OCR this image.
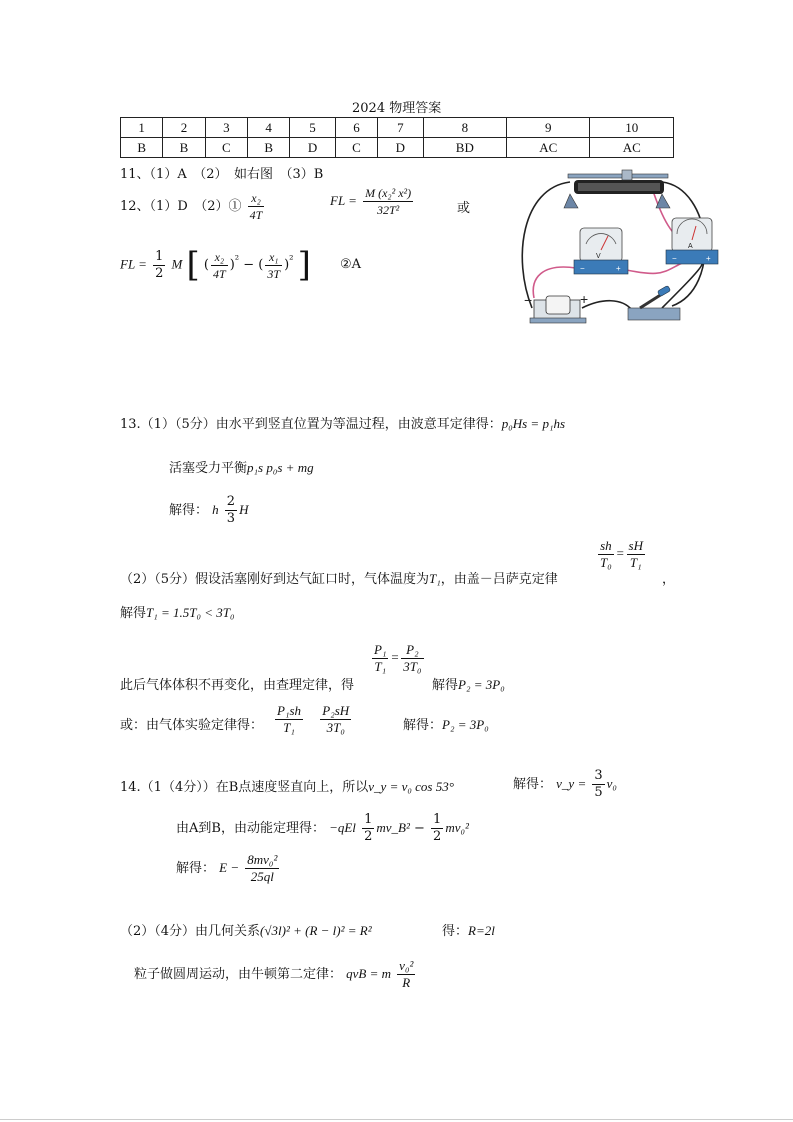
2024 物理答案
1	2	3	4	5	6	7	8	9	10
B	B	C	B	D	C	D	BD	AC	AC
11、（1）A　（2）　如右图　（3）B
12、（1）D　（2）① $\frac{\text{x₂}}{4T}$	FL = $\frac{\text{M (x₂² x²)}}{\text{32T²}}$	或
FL = $\frac{1}{2}$ M [ ( $\frac{\text{x₂}}{4T} )^{^2}$ − ( $\frac{\text{x₁}}{3T} )^{^2}$ ] ②A
V
−	+
A
−	+
−	+
13.（1）（5分）由水平到竖直位置为等温过程，由波意耳定律得：p₀Hs = p₁hs
活塞受力平衡p₁s p₀s + mg
解得： h $\frac{2}{3}$ H
（2）（5分）假设活塞刚好到达气缸口时，气体温度为T₁，由盖－吕萨克定律
$\frac{sh}{\text{T₀}} = \frac{sH}{\text{T₁}}$
，
解得T₁ = 1.5T₀ < 3T₀
此后气体体积不再变化，由查理定律，得
$\frac{\text{P₁}}{\text{T₁}} = \frac{\text{P₂}}{\text{3T₀}}$
解得P₂ = 3P₀
或：由气体实验定律得： $\frac{\text{P₁sh}}{\text{T₁}}$
$\frac{\text{P₂sH}}{\text{3T₀}}$	解得：P₂ = 3P₀
14.（1（4分））在B点速度竖直向上，所以v_y = v₀ cos 53°	解得： v_y = $\frac{3}{5} v_0$
由A到B，由动能定理得： $-qEl \frac{1}{2}$ mv_B² − $\frac{1}{2} mv_0^2$
解得： $E - \frac{\text{8mv₀²}}{25ql}$
（2）（4分）由几何关系(√3l)² + (R − l)² = R²	得：R=2l
粒子做圆周运动，由牛顿第二定律： qvB = m $\frac{\text{v₀²}}{R}$
